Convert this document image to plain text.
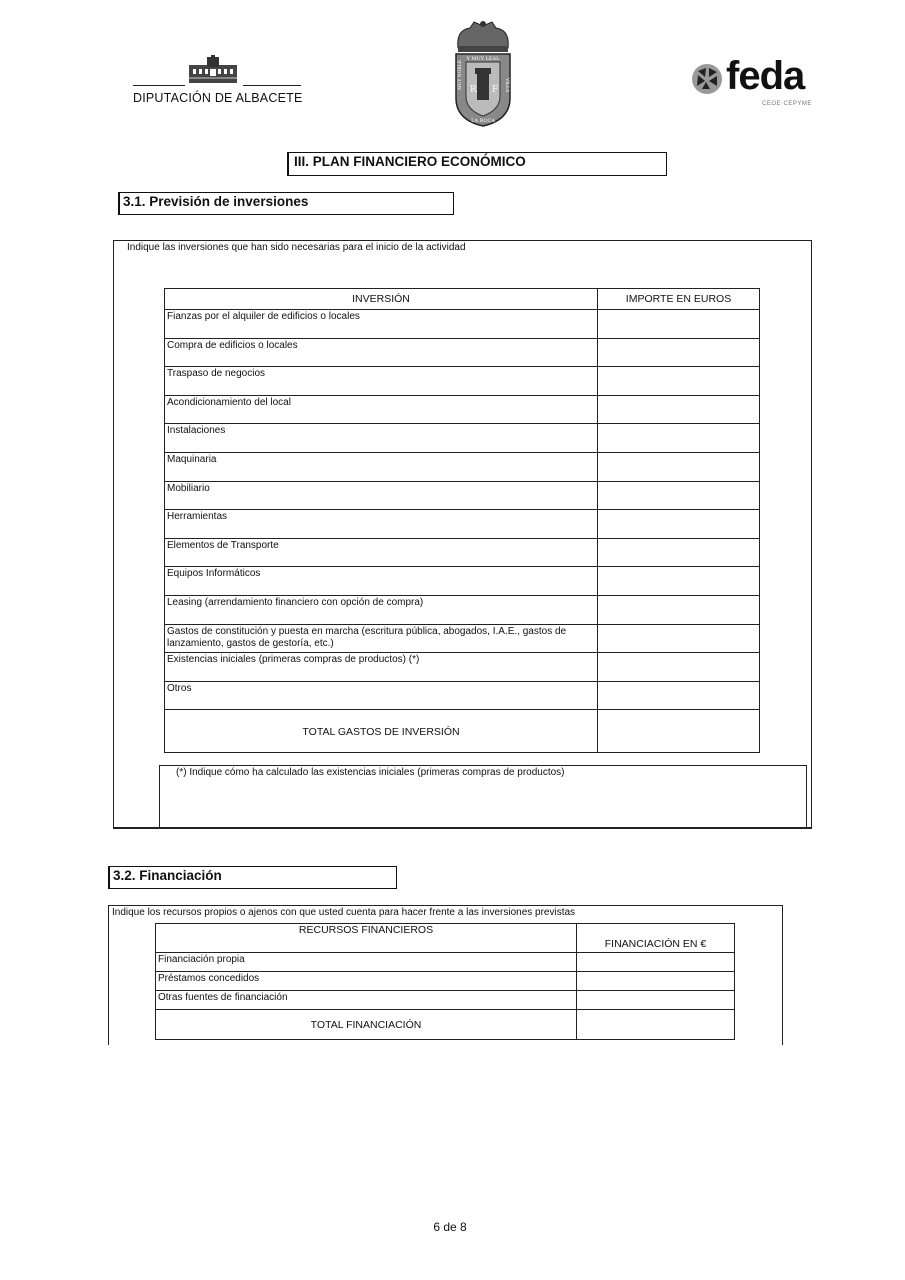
DIPUTACIÓN DE ALBACETE
R F
Y MUY LEAL
LA ROCA
MUY NOBLE	VILLA	feda
CEOE·CEPYME
III. PLAN FINANCIERO ECONÓMICO
3.1. Previsión de inversiones
Indique las inversiones que han sido necesarias para el inicio de la actividad
INVERSIÓN	IMPORTE EN EUROS
Fianzas por el alquiler de edificios o locales	
Compra de edificios o locales	
Traspaso de negocios	
Acondicionamiento del local	
Instalaciones	
Maquinaria	
Mobiliario	
Herramientas	
Elementos de Transporte	
Equipos Informáticos	
Leasing (arrendamiento financiero con opción de compra)	
Gastos de constitución y puesta en marcha (escritura pública, abogados, I.A.E., gastos de lanzamiento, gastos de gestoría, etc.)	
Existencias iniciales (primeras compras de productos) (*)	
Otros	
TOTAL GASTOS DE INVERSIÓN	
(*) Indique cómo ha calculado las existencias iniciales (primeras compras de productos)
3.2. Financiación
Indique los recursos propios o ajenos con que usted cuenta para hacer frente a las inversiones previstas
RECURSOS FINANCIEROS	FINANCIACIÓN EN €
Financiación propia	
Préstamos concedidos	
Otras fuentes de financiación	
TOTAL FINANCIACIÓN	
6 de 8
